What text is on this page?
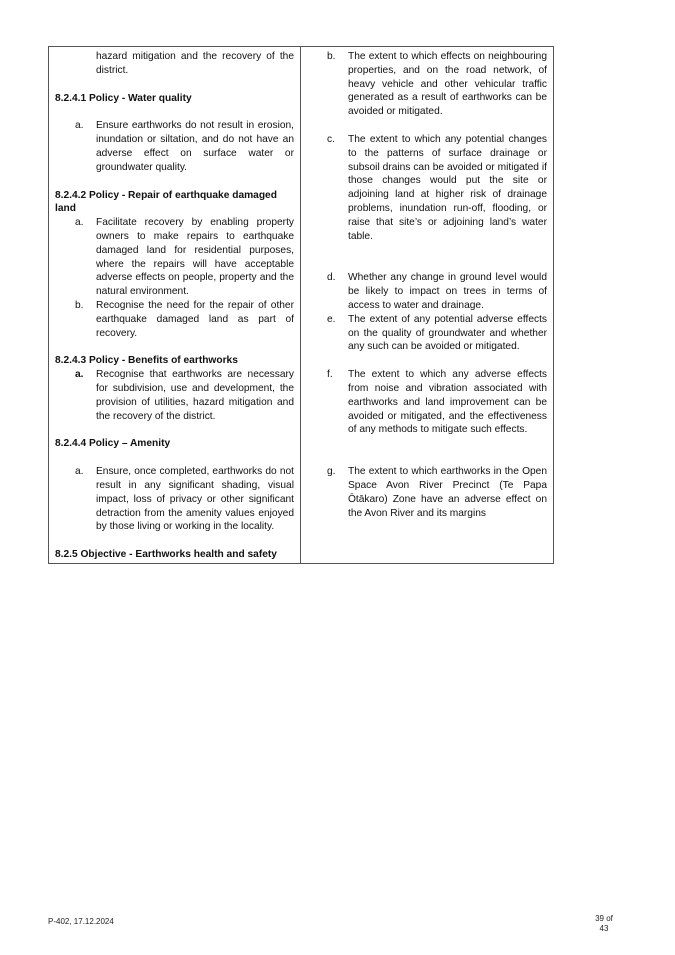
hazard mitigation and the recovery of the district.
8.2.4.1 Policy - Water quality
a.	Ensure earthworks do not result in erosion, inundation or siltation, and do not have an adverse effect on surface water or groundwater quality.
8.2.4.2 Policy - Repair of earthquake damaged land
a.	Facilitate recovery by enabling property owners to make repairs to earthquake damaged land for residential purposes, where the repairs will have acceptable adverse effects on people, property and the natural environment.
b.	Recognise the need for the repair of other earthquake damaged land as part of recovery.
8.2.4.3 Policy - Benefits of earthworks
a.	Recognise that earthworks are necessary for subdivision, use and development, the provision of utilities, hazard mitigation and the recovery of the district.
8.2.4.4 Policy – Amenity
a.	Ensure, once completed, earthworks do not result in any significant shading, visual impact, loss of privacy or other significant detraction from the amenity values enjoyed by those living or working in the locality.
8.2.5 Objective - Earthworks health and safety
b.	The extent to which effects on neighbouring properties, and on the road network, of heavy vehicle and other vehicular traffic generated as a result of earthworks can be avoided or mitigated.
c.	The extent to which any potential changes to the patterns of surface drainage or subsoil drains can be avoided or mitigated if those changes would put the site or adjoining land at higher risk of drainage problems, inundation run-off, flooding, or raise that site’s or adjoining land’s water table.
d.	Whether any change in ground level would be likely to impact on trees in terms of access to water and drainage.
e.	The extent of any potential adverse effects on the quality of groundwater and whether any such can be avoided or mitigated.
f.	The extent to which any adverse effects from noise and vibration associated with earthworks and land improvement can be avoided or mitigated, and the effectiveness of any methods to mitigate such effects.
g.	The extent to which earthworks in the Open Space Avon River Precinct (Te Papa Ōtākaro) Zone have an adverse effect on the Avon River and its margins
P-402, 17.12.2024	39 of
43
